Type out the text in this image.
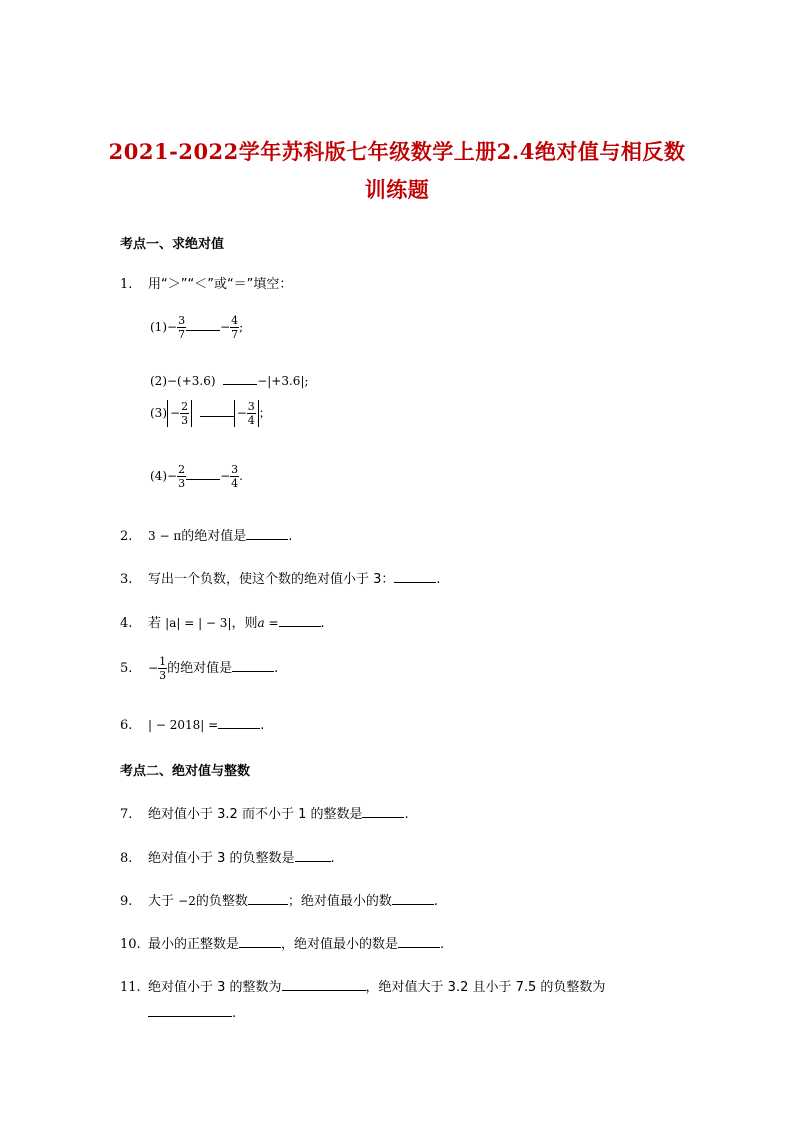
2021-2022学年苏科版七年级数学上册2.4绝对值与相反数
训练题
考点一、求绝对值
1. 用“＞”“＜”或“＝”填空：
$(1)- \frac{3}{7}$	− $\frac{4}{7}$ ;
(2)−(+3.6)	−|+3.6|;
$(3) - \frac{2}{3}$	− $\frac{3}{4}$ ；
$(4)- \frac{2}{3}$	− $\frac{3}{4}$ .
2. 3 − π的绝对值是	.
3. 写出一个负数，使这个数的绝对值小于 3：	.
4. 若 |a| = | − 3|，则a =	.
5. − $\frac{1}{3}$ 的绝对值是	.
6. | − 2018| =	.
考点二、绝对值与整数
7. 绝对值小于 3.2 而不小于 1 的整数是	.
8. 绝对值小于 3 的负整数是	.
9. 大于 −2的负整数	；绝对值最小的数	.
10. 最小的正整数是	，绝对值最小的数是	.
11. 绝对值小于 3 的整数为	，绝对值大于 3.2 且小于 7.5 的负整数为
.
